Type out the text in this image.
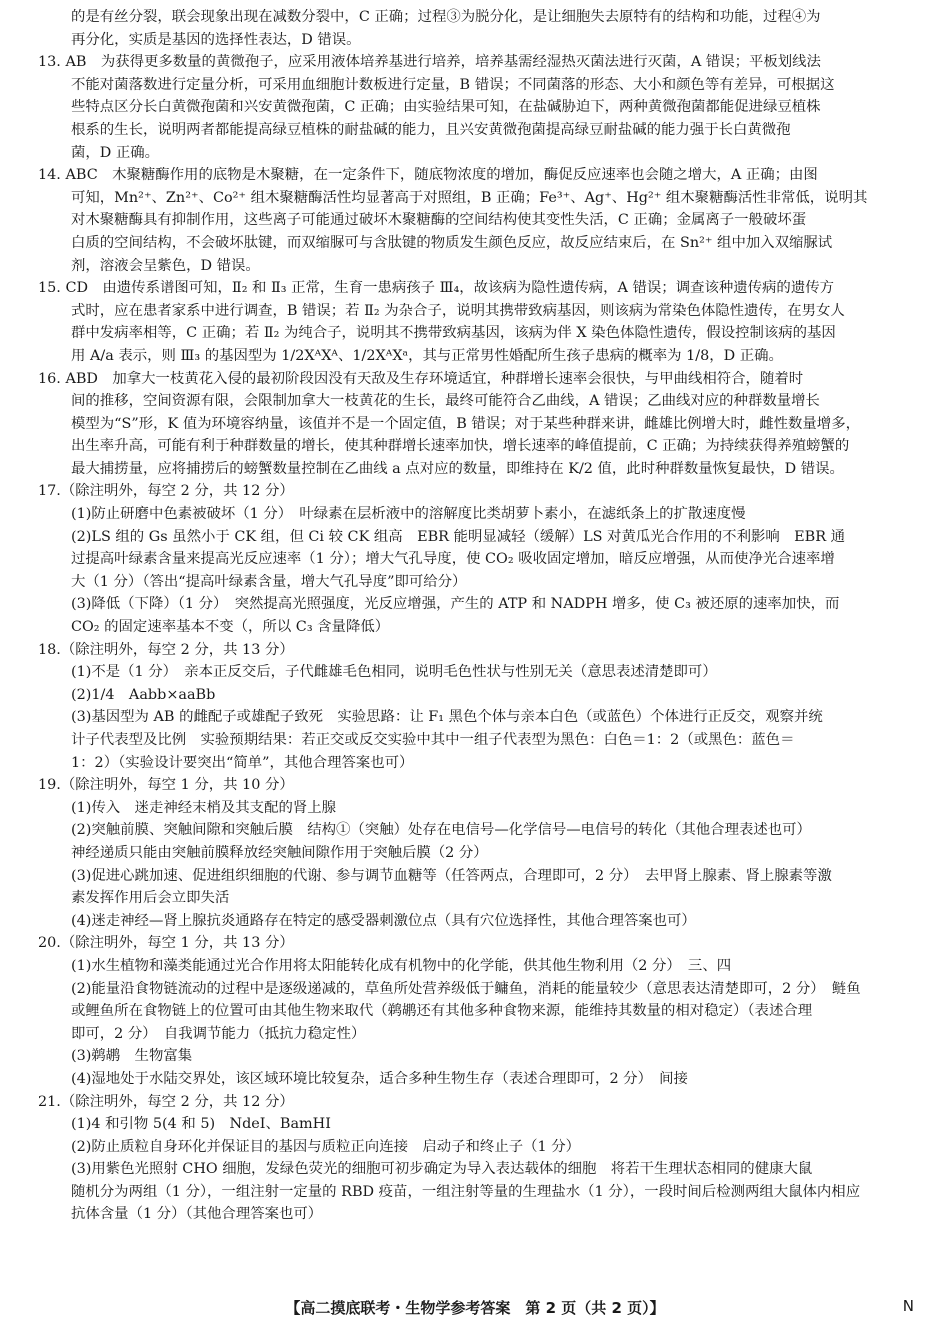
的是有丝分裂，联会现象出现在减数分裂中，C 正确；过程③为脱分化，是让细胞失去原特有的结构和功能，过程④为
再分化，实质是基因的选择性表达，D 错误。
13. AB　为获得更多数量的黄微孢子，应采用液体培养基进行培养，培养基需经湿热灭菌法进行灭菌，A 错误；平板划线法
不能对菌落数进行定量分析，可采用血细胞计数板进行定量，B 错误；不同菌落的形态、大小和颜色等有差异，可根据这
些特点区分长白黄微孢菌和兴安黄微孢菌，C 正确；由实验结果可知，在盐碱胁迫下，两种黄微孢菌都能促进绿豆植株
根系的生长，说明两者都能提高绿豆植株的耐盐碱的能力，且兴安黄微孢菌提高绿豆耐盐碱的能力强于长白黄微孢
菌，D 正确。
14. ABC　木聚糖酶作用的底物是木聚糖，在一定条件下，随底物浓度的增加，酶促反应速率也会随之增大，A 正确；由图
可知，Mn²⁺、Zn²⁺、Co²⁺ 组木聚糖酶活性均显著高于对照组，B 正确；Fe³⁺、Ag⁺、Hg²⁺ 组木聚糖酶活性非常低，说明其
对木聚糖酶具有抑制作用，这些离子可能通过破坏木聚糖酶的空间结构使其变性失活，C 正确；金属离子一般破坏蛋
白质的空间结构，不会破坏肽键，而双缩脲可与含肽键的物质发生颜色反应，故反应结束后，在 Sn²⁺ 组中加入双缩脲试
剂，溶液会呈紫色，D 错误。
15. CD　由遗传系谱图可知，Ⅱ₂ 和 Ⅱ₃ 正常，生育一患病孩子 Ⅲ₄，故该病为隐性遗传病，A 错误；调查该种遗传病的遗传方
式时，应在患者家系中进行调查，B 错误；若 Ⅱ₂ 为杂合子，说明其携带致病基因，则该病为常染色体隐性遗传，在男女人
群中发病率相等，C 正确；若 Ⅱ₂ 为纯合子，说明其不携带致病基因，该病为伴 X 染色体隐性遗传，假设控制该病的基因
用 A/a 表示，则 Ⅲ₃ 的基因型为 1/2XᴬXᴬ、1/2XᴬXᵃ，其与正常男性婚配所生孩子患病的概率为 1/8，D 正确。
16. ABD　加拿大一枝黄花入侵的最初阶段因没有天敌及生存环境适宜，种群增长速率会很快，与甲曲线相符合，随着时
间的推移，空间资源有限，会限制加拿大一枝黄花的生长，最终可能符合乙曲线，A 错误；乙曲线对应的种群数量增长
模型为“S”形，K 值为环境容纳量，该值并不是一个固定值，B 错误；对于某些种群来讲，雌雄比例增大时，雌性数量增多，
出生率升高，可能有利于种群数量的增长，使其种群增长速率加快，增长速率的峰值提前，C 正确；为持续获得养殖螃蟹的
最大捕捞量，应将捕捞后的螃蟹数量控制在乙曲线 a 点对应的数量，即维持在 K/2 值，此时种群数量恢复最快，D 错误。
17.（除注明外，每空 2 分，共 12 分）
(1)防止研磨中色素被破坏（1 分）　叶绿素在层析液中的溶解度比类胡萝卜素小，在滤纸条上的扩散速度慢
(2)LS 组的 Gs 虽然小于 CK 组，但 Ci 较 CK 组高　EBR 能明显减轻（缓解）LS 对黄瓜光合作用的不利影响　EBR 通
过提高叶绿素含量来提高光反应速率（1 分）；增大气孔导度，使 CO₂ 吸收固定增加，暗反应增强，从而使净光合速率增
大（1 分）（答出“提高叶绿素含量，增大气孔导度”即可给分）
(3)降低（下降）（1 分）　突然提高光照强度，光反应增强，产生的 ATP 和 NADPH 增多，使 C₃ 被还原的速率加快，而
CO₂ 的固定速率基本不变（，所以 C₃ 含量降低）
18.（除注明外，每空 2 分，共 13 分）
(1)不是（1 分）　亲本正反交后，子代雌雄毛色相同，说明毛色性状与性别无关（意思表述清楚即可）
(2)1/4　Aabb×aaBb
(3)基因型为 AB 的雌配子或雄配子致死　实验思路：让 F₁ 黑色个体与亲本白色（或蓝色）个体进行正反交，观察并统
计子代表型及比例　实验预期结果：若正交或反交实验中其中一组子代表型为黑色：白色＝1：2（或黑色：蓝色＝
1：2）（实验设计要突出“简单”，其他合理答案也可）
19.（除注明外，每空 1 分，共 10 分）
(1)传入　迷走神经末梢及其支配的肾上腺
(2)突触前膜、突触间隙和突触后膜　结构①（突触）处存在电信号—化学信号—电信号的转化（其他合理表述也可）
神经递质只能由突触前膜释放经突触间隙作用于突触后膜（2 分）
(3)促进心跳加速、促进组织细胞的代谢、参与调节血糖等（任答两点，合理即可，2 分）　去甲肾上腺素、肾上腺素等激
素发挥作用后会立即失活
(4)迷走神经—肾上腺抗炎通路存在特定的感受器刺激位点（具有穴位选择性，其他合理答案也可）
20.（除注明外，每空 1 分，共 13 分）
(1)水生植物和藻类能通过光合作用将太阳能转化成有机物中的化学能，供其他生物利用（2 分）　三、四
(2)能量沿食物链流动的过程中是逐级递减的，草鱼所处营养级低于鳙鱼，消耗的能量较少（意思表达清楚即可，2 分）　鲢鱼
或鲤鱼所在食物链上的位置可由其他生物来取代（鹈鹕还有其他多种食物来源，能维持其数量的相对稳定）（表述合理
即可，2 分）　自我调节能力（抵抗力稳定性）
(3)鹈鹕　生物富集
(4)湿地处于水陆交界处，该区域环境比较复杂，适合多种生物生存（表述合理即可，2 分）　间接
21.（除注明外，每空 2 分，共 12 分）
(1)4 和引物 5(4 和 5)　NdeⅠ、BamHⅠ
(2)防止质粒自身环化并保证目的基因与质粒正向连接　启动子和终止子（1 分）
(3)用紫色光照射 CHO 细胞，发绿色荧光的细胞可初步确定为导入表达载体的细胞　将若干生理状态相同的健康大鼠
随机分为两组（1 分），一组注射一定量的 RBD 疫苗，一组注射等量的生理盐水（1 分），一段时间后检测两组大鼠体内相应
抗体含量（1 分）（其他合理答案也可）
【高二摸底联考・生物学参考答案　第 2 页（共 2 页）】	N
